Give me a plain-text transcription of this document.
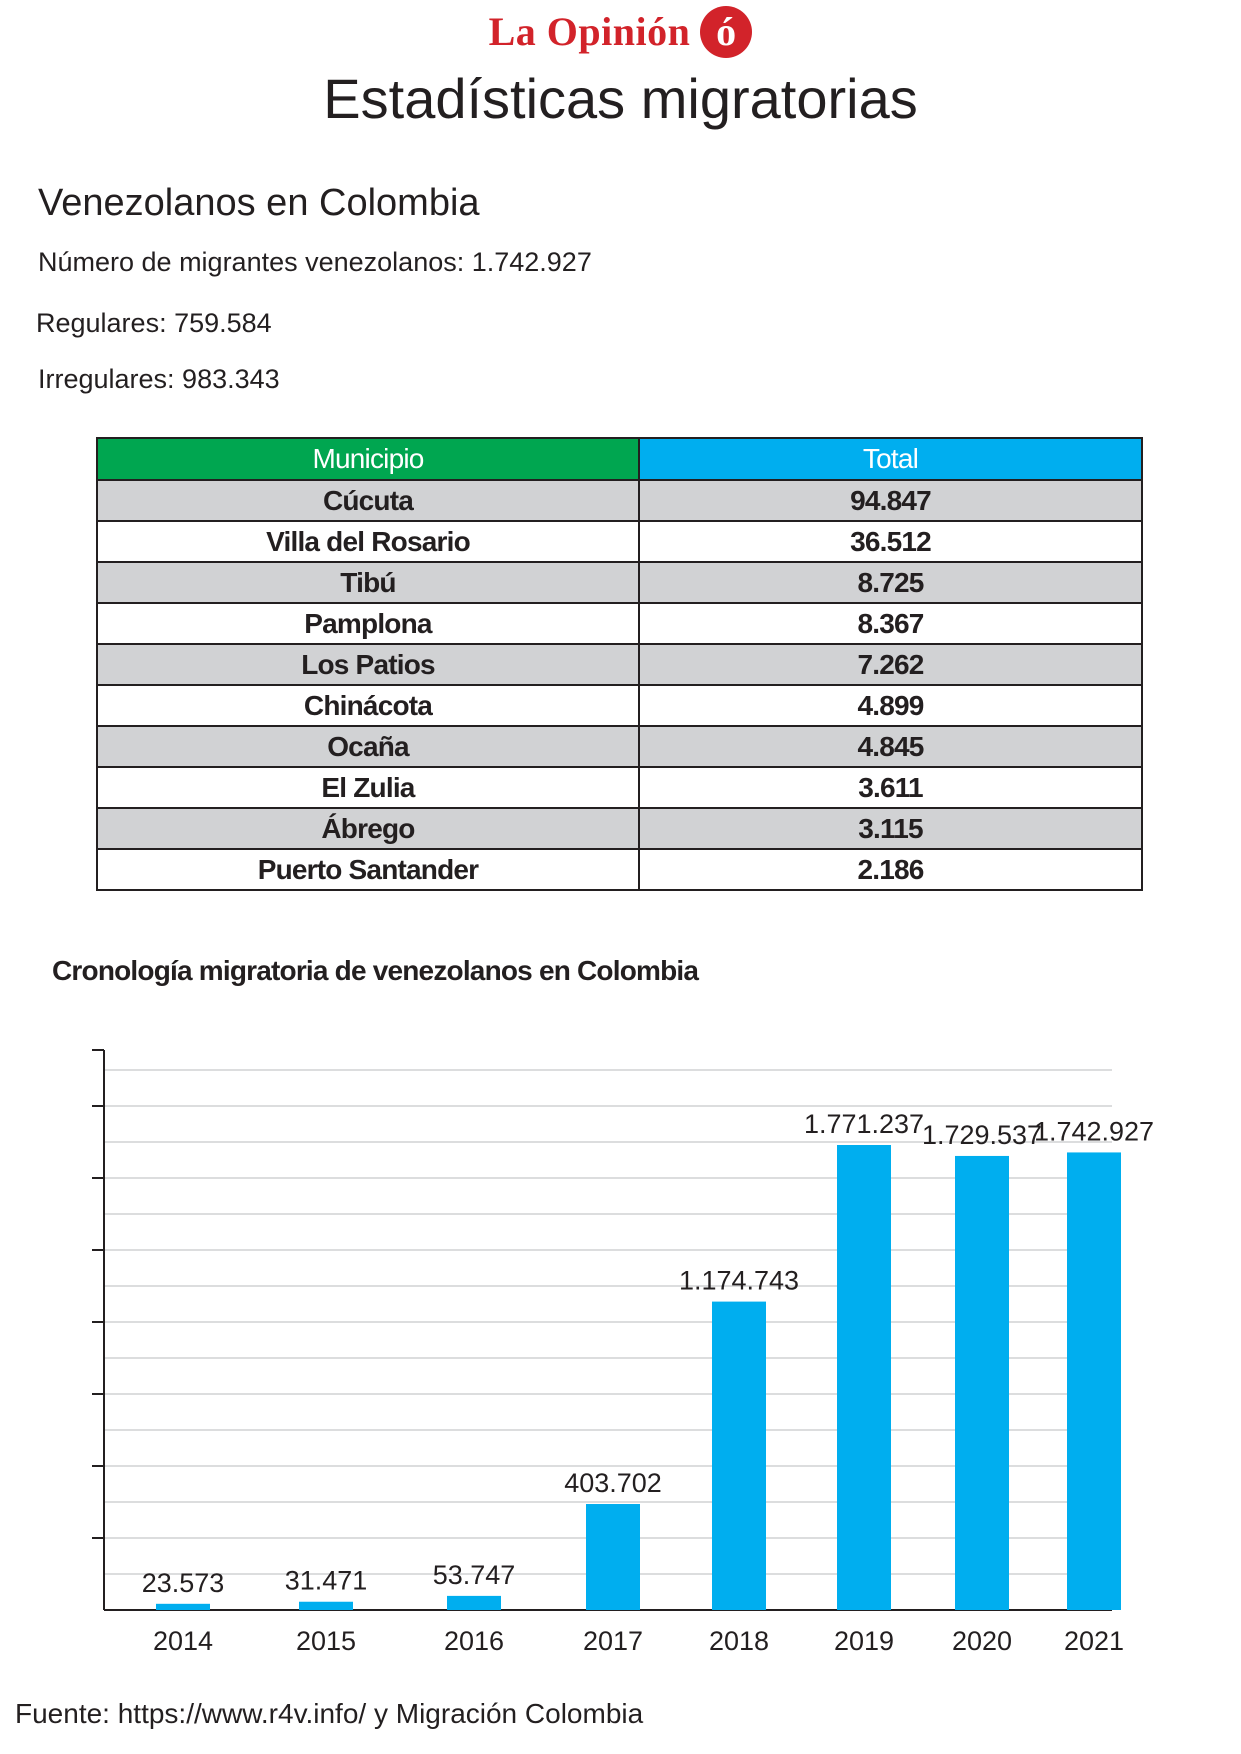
La Opinión ó
Estadísticas migratorias
Venezolanos en Colombia
Número de migrantes venezolanos: 1.742.927
Regulares: 759.584
Irregulares: 983.343
Municipio	Total
Cúcuta	94.847
Villa del Rosario	36.512
Tibú	8.725
Pamplona	8.367
Los Patios	7.262
Chinácota	4.899
Ocaña	4.845
El Zulia	3.611
Ábrego	3.115
Puerto Santander	2.186
Cronología migratoria de venezolanos en Colombia
23.573
2014
31.471
2015
53.747
2016
403.702
2017
1.174.743
2018
1.771.237
2019
1.729.537
2020
1.742.927
2021
Fuente: https://www.r4v.info/ y Migración Colombia
